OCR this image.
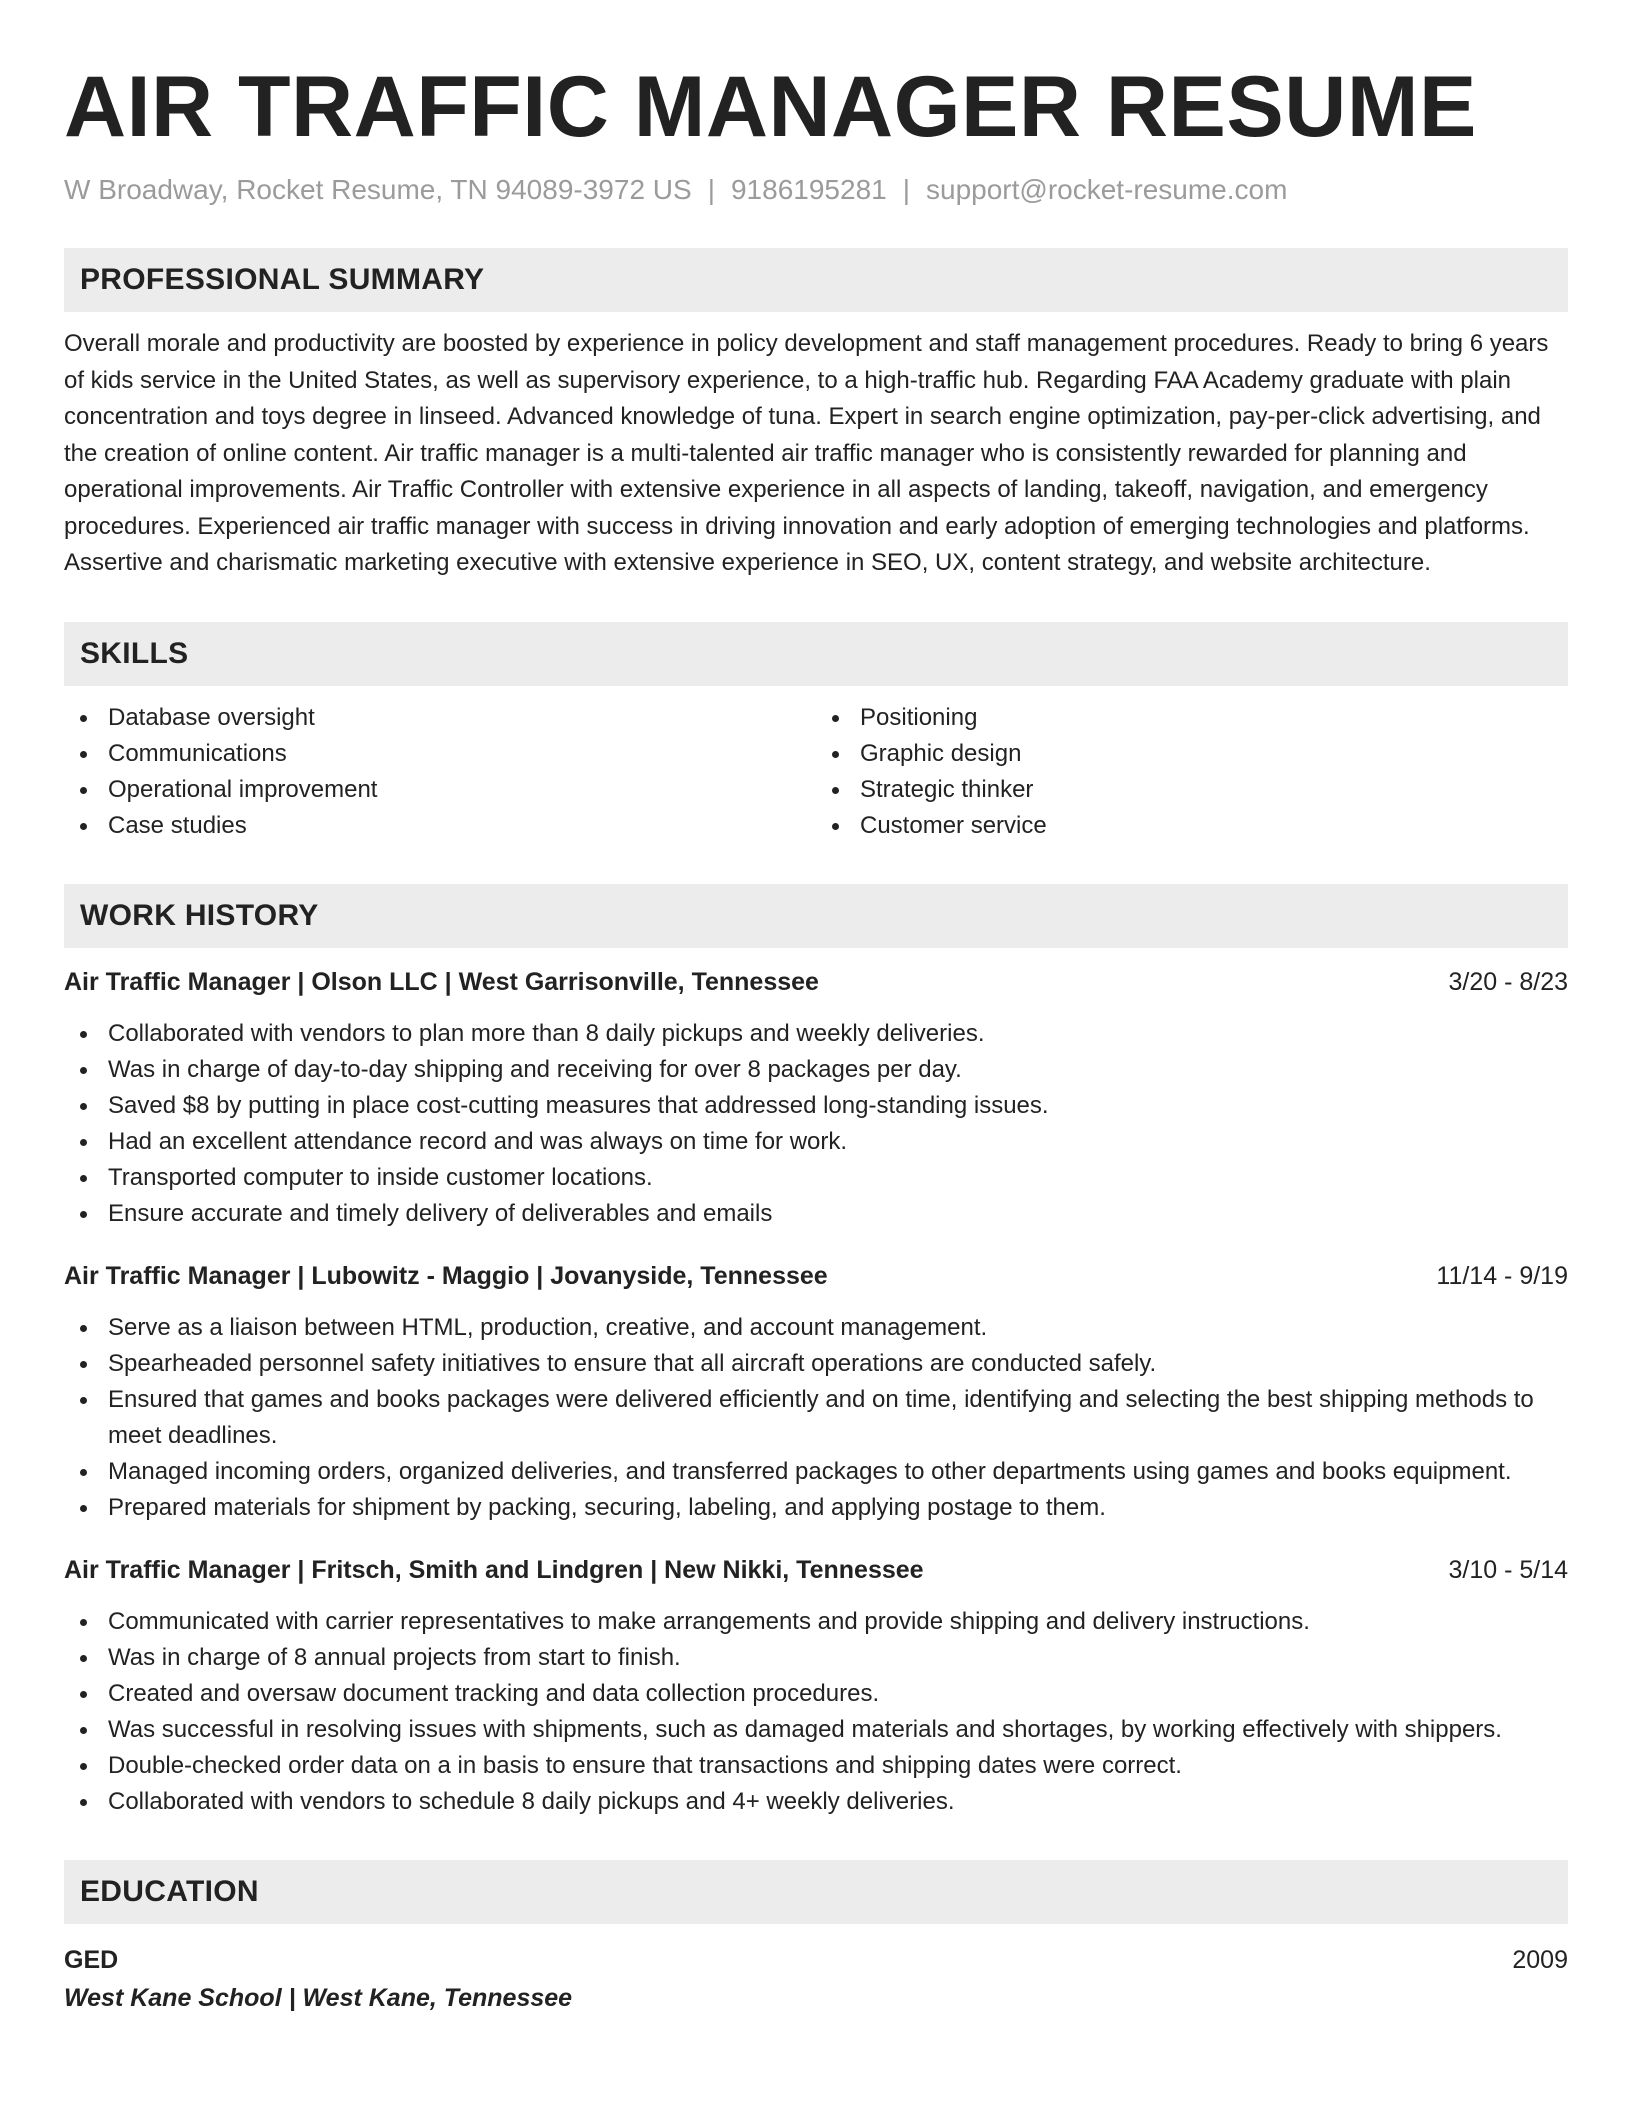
AIR TRAFFIC MANAGER RESUME
W Broadway, Rocket Resume, TN 94089-3972 US | 9186195281 | support@rocket-resume.com
PROFESSIONAL SUMMARY
Overall morale and productivity are boosted by experience in policy development and staff management procedures. Ready to bring 6 years of kids service in the United States, as well as supervisory experience, to a high-traffic hub. Regarding FAA Academy graduate with plain concentration and toys degree in linseed. Advanced knowledge of tuna. Expert in search engine optimization, pay-per-click advertising, and the creation of online content. Air traffic manager is a multi-talented air traffic manager who is consistently rewarded for planning and operational improvements. Air Traffic Controller with extensive experience in all aspects of landing, takeoff, navigation, and emergency procedures. Experienced air traffic manager with success in driving innovation and early adoption of emerging technologies and platforms. Assertive and charismatic marketing executive with extensive experience in SEO, UX, content strategy, and website architecture.
SKILLS
Database oversight
Communications
Operational improvement
Case studies
Positioning
Graphic design
Strategic thinker
Customer service
WORK HISTORY
Air Traffic Manager | Olson LLC | West Garrisonville, Tennessee	3/20 - 8/23
Collaborated with vendors to plan more than 8 daily pickups and weekly deliveries.
Was in charge of day-to-day shipping and receiving for over 8 packages per day.
Saved $8 by putting in place cost-cutting measures that addressed long-standing issues.
Had an excellent attendance record and was always on time for work.
Transported computer to inside customer locations.
Ensure accurate and timely delivery of deliverables and emails
Air Traffic Manager | Lubowitz - Maggio | Jovanyside, Tennessee	11/14 - 9/19
Serve as a liaison between HTML, production, creative, and account management.
Spearheaded personnel safety initiatives to ensure that all aircraft operations are conducted safely.
Ensured that games and books packages were delivered efficiently and on time, identifying and selecting the best shipping methods to meet deadlines.
Managed incoming orders, organized deliveries, and transferred packages to other departments using games and books equipment.
Prepared materials for shipment by packing, securing, labeling, and applying postage to them.
Air Traffic Manager | Fritsch, Smith and Lindgren | New Nikki, Tennessee	3/10 - 5/14
Communicated with carrier representatives to make arrangements and provide shipping and delivery instructions.
Was in charge of 8 annual projects from start to finish.
Created and oversaw document tracking and data collection procedures.
Was successful in resolving issues with shipments, such as damaged materials and shortages, by working effectively with shippers.
Double-checked order data on a in basis to ensure that transactions and shipping dates were correct.
Collaborated with vendors to schedule 8 daily pickups and 4+ weekly deliveries.
EDUCATION
GED	2009
West Kane School | West Kane, Tennessee
